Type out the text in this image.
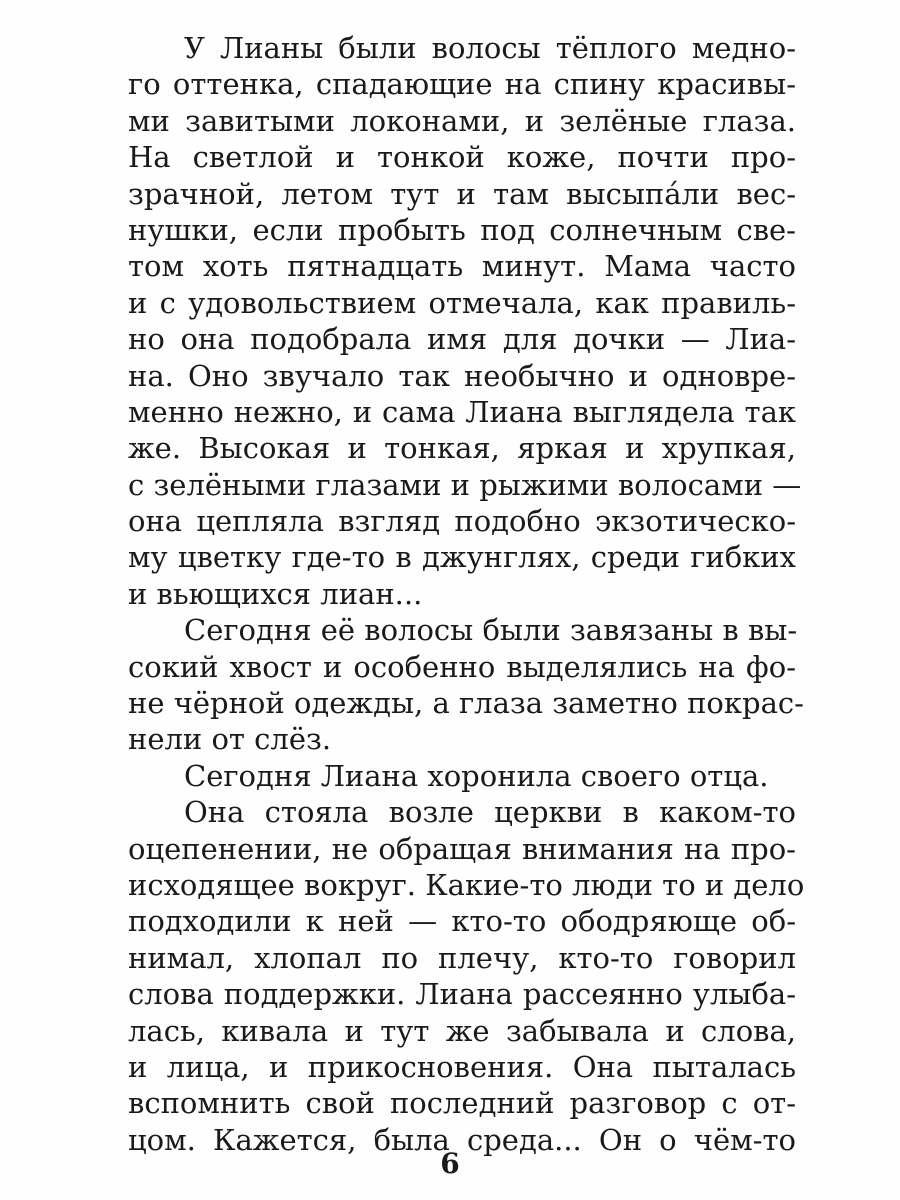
У Лианы были волосы тёплого медно-
го оттенка, спадающие на спину красивы-
ми завитыми локонами, и зелёные глаза.
На светлой и тонкой коже, почти про-
зрачной, летом тут и там высыпáли вес-
нушки, если пробыть под солнечным све-
том хоть пятнадцать минут. Мама часто
и с удовольствием отмечала, как правиль-
но она подобрала имя для дочки — Лиа-
на. Оно звучало так необычно и одновре-
менно нежно, и сама Лиана выглядела так
же. Высокая и тонкая, яркая и хрупкая,
с зелёными глазами и рыжими волосами —
она цепляла взгляд подобно экзотическо-
му цветку где-то в джунглях, среди гибких
и вьющихся лиан...
Сегодня её волосы были завязаны в вы-
сокий хвост и особенно выделялись на фо-
не чёрной одежды, а глаза заметно покрас-
нели от слёз.
Сегодня Лиана хоронила своего отца.
Она стояла возле церкви в каком-то
оцепенении, не обращая внимания на про-
исходящее вокруг. Какие-то люди то и дело
подходили к ней — кто-то ободряюще об-
нимал, хлопал по плечу, кто-то говорил
слова поддержки. Лиана рассеянно улыба-
лась, кивала и тут же забывала и слова,
и лица, и прикосновения. Она пыталась
вспомнить свой последний разговор с от-
цом. Кажется, была среда... Он о чём-то
6
